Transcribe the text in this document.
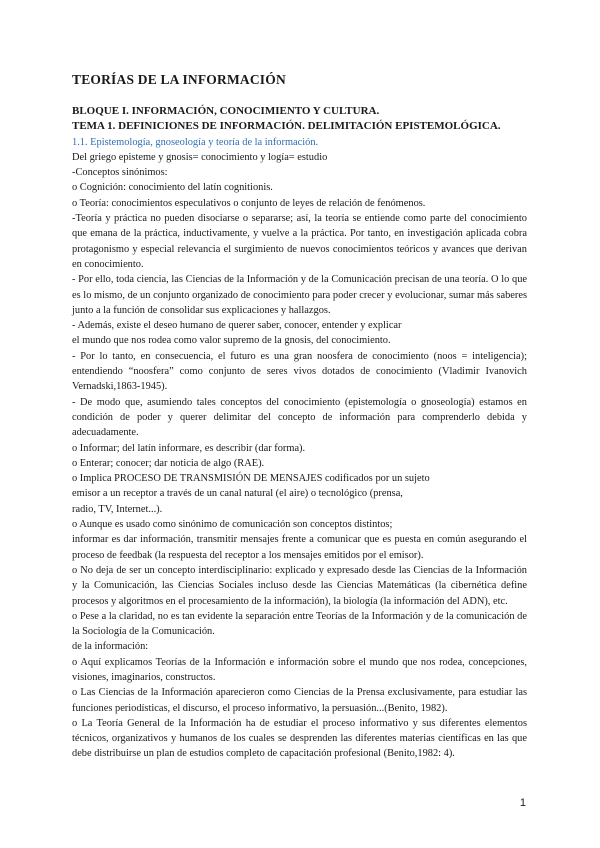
TEORÍAS DE LA INFORMACIÓN

BLOQUE I. INFORMACIÓN, CONOCIMIENTO Y CULTURA.

TEMA 1. DEFINICIONES DE INFORMACIÓN. DELIMITACIÓN EPISTEMOLÓGICA.

1.1. Epistemología, gnoseología y teoría de la información.

Del griego episteme y gnosis= conocimiento y logía= estudio

-Conceptos sinónimos:

o Cognición: conocimiento del latín cognitionis.

o Teoría: conocimientos especulativos o conjunto de leyes de relación de fenómenos.

-Teoría y práctica no pueden disociarse o separarse; así, la teoría se entiende como parte del conocimiento que emana de la práctica, inductivamente, y vuelve a la práctica. Por tanto, en investigación aplicada cobra protagonismo y especial relevancia el surgimiento de nuevos conocimientos teóricos y avances que derivan en conocimiento.

- Por ello, toda ciencia, las Ciencias de la Información y de la Comunicación precisan de una teoría. O lo que es lo mismo, de un conjunto organizado de conocimiento para poder crecer y evolucionar, sumar más saberes junto a la función de consolidar sus explicaciones y hallazgos.

- Además, existe el deseo humano de querer saber, conocer, entender y explicar

el mundo que nos rodea como valor supremo de la gnosis, del conocimiento.

- Por lo tanto, en consecuencia, el futuro es una gran noosfera de conocimiento (noos = inteligencia); entendiendo “noosfera” como conjunto de seres vivos dotados de conocimiento (Vladimir Ivanovich Vernadski,1863-1945).

- De modo que, asumiendo tales conceptos del conocimiento (epistemología o gnoseología) estamos en condición de poder y querer delimitar del concepto de información para comprenderlo debida y adecuadamente.

o Informar; del latín informare, es describir (dar forma).

o Enterar; conocer; dar noticia de algo (RAE).

o Implica PROCESO DE TRANSMISIÓN DE MENSAJES codificados por un sujeto

emisor a un receptor a través de un canal natural (el aire) o tecnológico (prensa,

radio, TV, Internet...).

o Aunque es usado como sinónimo de comunicación son conceptos distintos;

informar es dar información, transmitir mensajes frente a comunicar que es puesta en común asegurando el proceso de feedbak (la respuesta del receptor a los mensajes emitidos por el emisor).

o No deja de ser un concepto interdisciplinario: explicado y expresado desde las Ciencias de la Información y la Comunicación, las Ciencias Sociales incluso desde las Ciencias Matemáticas (la cibernética define procesos y algoritmos en el procesamiento de la información), la biología (la información del ADN), etc.

o Pese a la claridad, no es tan evidente la separación entre Teorías de la Información y de la comunicación de la Sociología de la Comunicación.

de la información:

o Aquí explicamos Teorías de la Información e información sobre el mundo que nos rodea, concepciones, visiones, imaginarios, constructos.

o Las Ciencias de la Información aparecieron como Ciencias de la Prensa exclusivamente, para estudiar las funciones periodísticas, el discurso, el proceso informativo, la persuasión...(Benito, 1982).

o La Teoría General de la Información ha de estudiar el proceso informativo y sus diferentes elementos técnicos, organizativos y humanos de los cuales se desprenden las diferentes materias científicas en las que debe distribuirse un plan de estudios completo de capacitación profesional (Benito,1982: 4).

1
